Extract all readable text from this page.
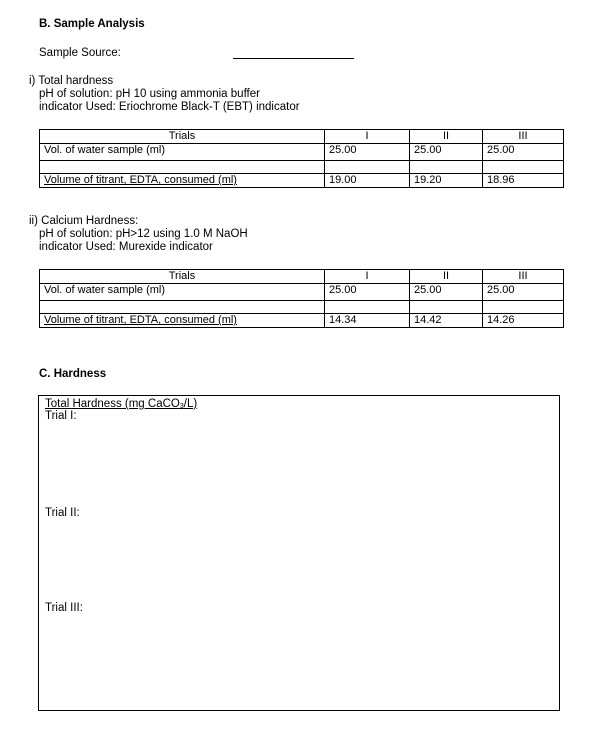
B. Sample Analysis
Sample Source:
i) Total hardness
pH of solution: pH 10 using ammonia buffer
indicator Used: Eriochrome Black-T (EBT) indicator
Trials	I	II	III
Vol. of water sample (ml)	25.00	25.00	25.00

Volume of titrant, EDTA, consumed (ml)	19.00	19.20	18.96
ii) Calcium Hardness:
pH of solution: pH>12 using 1.0 M NaOH
indicator Used: Murexide indicator
Trials	I	II	III
Vol. of water sample (ml)	25.00	25.00	25.00

Volume of titrant, EDTA, consumed (ml)	14.34	14.42	14.26
C. Hardness
Total Hardness (mg CaCO$_3$/L)
Trial I:
Trial II:
Trial III:
